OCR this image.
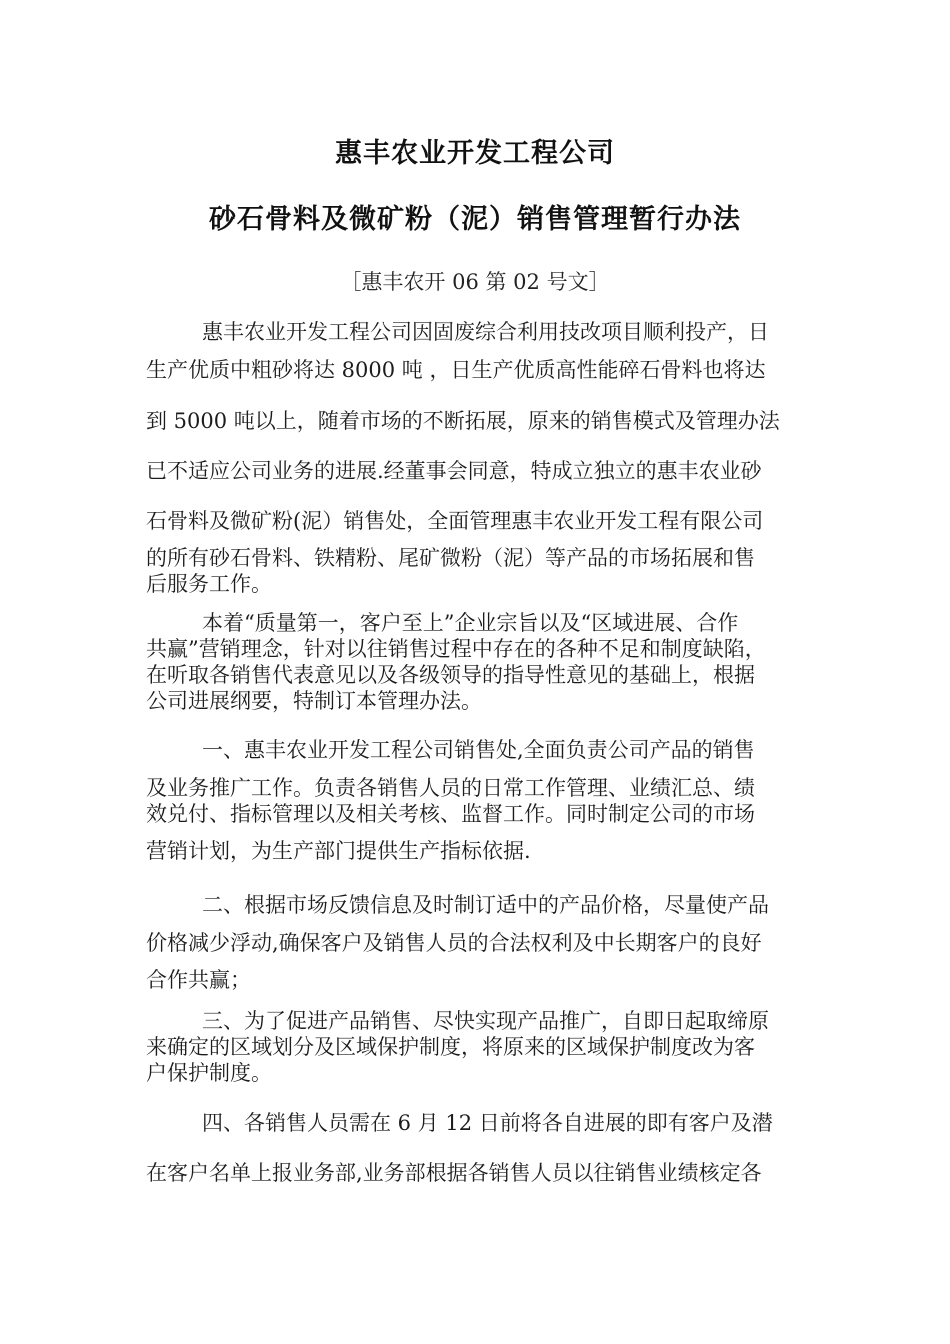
惠丰农业开发工程公司
砂石骨料及微矿粉（泥）销售管理暂行办法
［惠丰农开 06 第 02 号文］
惠丰农业开发工程公司因固废综合利用技改项目顺利投产，日
生产优质中粗砂将达 8000 吨 ，日生产优质高性能碎石骨料也将达
到 5000 吨以上，随着市场的不断拓展，原来的销售模式及管理办法
已不适应公司业务的进展.经董事会同意，特成立独立的惠丰农业砂
石骨料及微矿粉(泥）销售处，全面管理惠丰农业开发工程有限公司
的所有砂石骨料、铁精粉、尾矿微粉（泥）等产品的市场拓展和售
后服务工作。
本着“质量第一，客户至上”企业宗旨以及“区域进展、合作
共赢”营销理念，针对以往销售过程中存在的各种不足和制度缺陷，
在听取各销售代表意见以及各级领导的指导性意见的基础上，根据
公司进展纲要，特制订本管理办法。
一、惠丰农业开发工程公司销售处,全面负责公司产品的销售
及业务推广工作。负责各销售人员的日常工作管理、业绩汇总、绩
效兑付、指标管理以及相关考核、监督工作。同时制定公司的市场
营销计划，为生产部门提供生产指标依据.
二、根据市场反馈信息及时制订适中的产品价格，尽量使产品
价格减少浮动,确保客户及销售人员的合法权利及中长期客户的良好
合作共赢；
三、为了促进产品销售、尽快实现产品推广，自即日起取缔原
来确定的区域划分及区域保护制度，将原来的区域保护制度改为客
户保护制度。
四、各销售人员需在 6 月 12 日前将各自进展的即有客户及潜
在客户名单上报业务部,业务部根据各销售人员以往销售业绩核定各
